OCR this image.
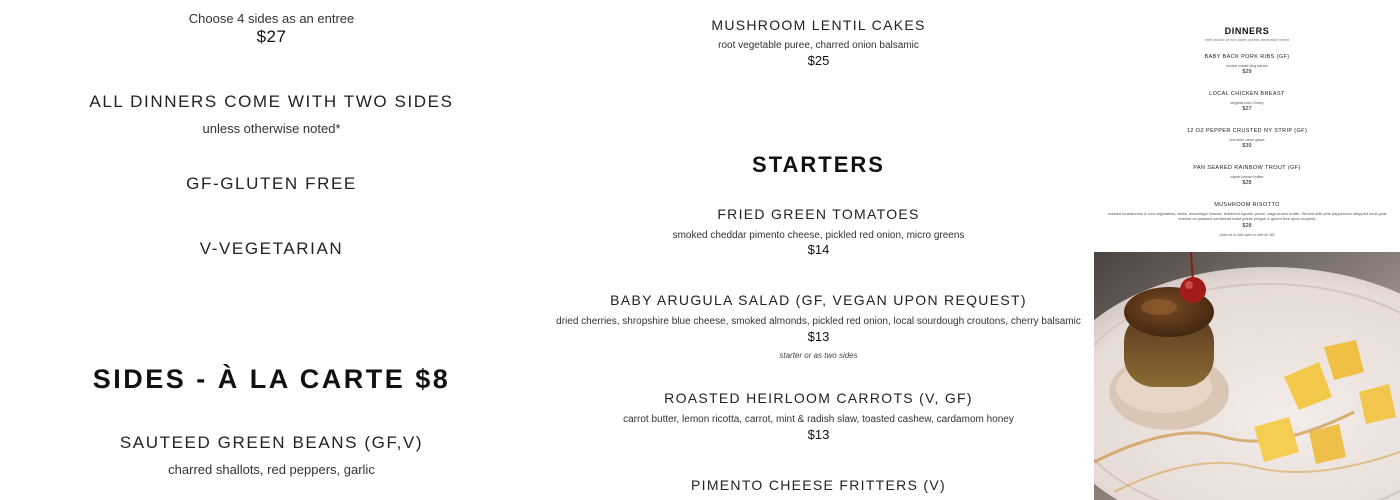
Choose 4 sides as an entree
$27
ALL DINNERS COME WITH TWO SIDES
unless otherwise noted*
GF-GLUTEN FREE
V-VEGETARIAN
SIDES - À LA CARTE $8
SAUTEED GREEN BEANS (GF,V)
charred shallots, red peppers, garlic
MUSHROOM LENTIL CAKES
root vegetable puree, charred onion balsamic
$25
STARTERS
FRIED GREEN TOMATOES
smoked cheddar pimento cheese, pickled red onion, micro greens
$14
BABY ARUGULA SALAD (GF, VEGAN UPON REQUEST)
dried cherries, shropshire blue cheese, smoked almonds, pickled red onion, local sourdough croutons, cherry balsamic
$13
starter or as two sides
ROASTED HEIRLOOM CARROTS (V, GF)
carrot butter, lemon ricotta, carrot, mint & radish slaw, toasted cashew, cardamom honey
$13
PIMENTO CHEESE FRITTERS (V)
DINNERS
with choice of two sides unless otherwise noted
BABY BACK PORK RIBS (GF)
house made bbq sauce
$29
LOCAL CHICKEN BREAST
virginia ham Gravy
$27
12 OZ PEPPER CRUSTED NY STRIP (GF)
red wine demi glace
$39
PAN SEARED RAINBOW TROUT (GF)
caper brown butter
$28
MUSHROOM RISOTTO
roasted mushrooms & root vegetables, leeks, manchego cheese, butternut squash puree, sage brown butter. Served with pink peppercorn whipped local goat cheese on yeasted cornbread toast points (vegan & gluten free upon request)
$28
(Add iris to add sides to side for $8)
